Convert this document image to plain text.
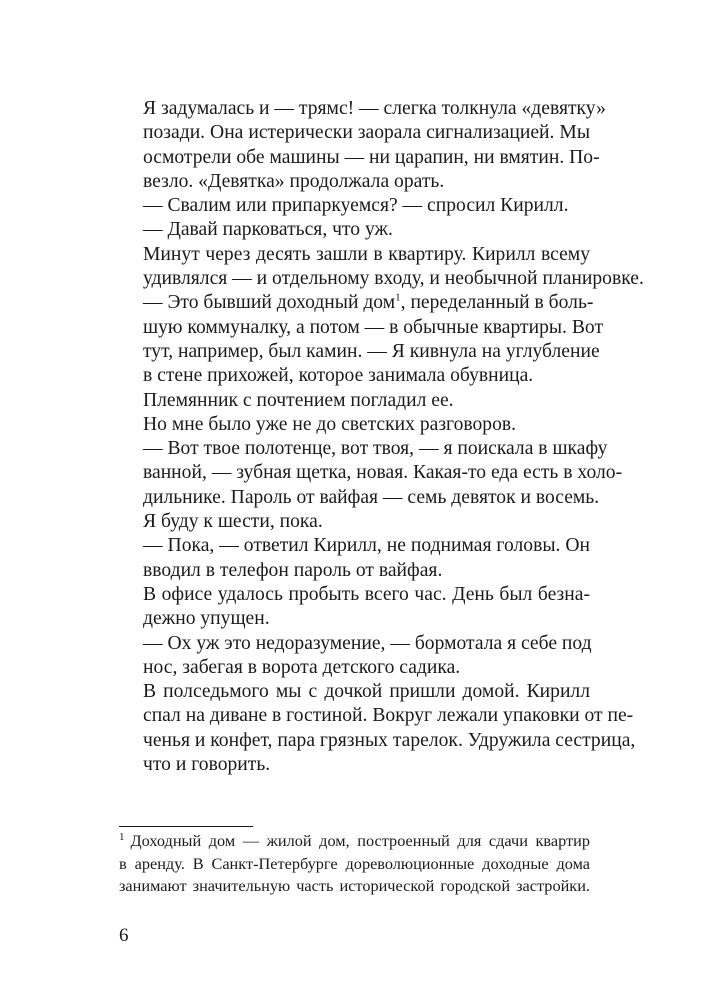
Я задумалась и — трямс! — слегка толкнула «девятку»
позади. Она истерически заорала сигнализацией. Мы
осмотрели обе машины — ни царапин, ни вмятин. По-
везло. «Девятка» продолжала орать.

— Свалим или припаркуемся? — спросил Кирилл.

— Давай парковаться, что уж.

Минут через десять зашли в квартиру. Кирилл всему
удивлялся — и отдельному входу, и необычной планировке.

— Это бывший доходный дом$^1$, переделанный в боль-
шую коммуналку, а потом — в обычные квартиры. Вот
тут, например, был камин. — Я кивнула на углубление
в стене прихожей, которое занимала обувница.

Племянник с почтением погладил ее.

Но мне было уже не до светских разговоров.

— Вот твое полотенце, вот твоя, — я поискала в шкафу
ванной, — зубная щетка, новая. Какая-то еда есть в холо-
дильнике. Пароль от вайфая — семь девяток и восемь.
Я буду к шести, пока.

— Пока, — ответил Кирилл, не поднимая головы. Он
вводил в телефон пароль от вайфая.

В офисе удалось пробыть всего час. День был безна-
дежно упущен.

— Ох уж это недоразумение, — бормотала я себе под
нос, забегая в ворота детского садика.

В полседьмого мы с дочкой пришли домой. Кирилл
спал на диване в гостиной. Вокруг лежали упаковки от пе-
ченья и конфет, пара грязных тарелок. Удружила сестрица,
что и говорить.

$^1$ Доходный дом — жилой дом, построенный для сдачи квартир
в аренду. В Санкт-Петербурге дореволюционные доходные дома
занимают значительную часть исторической городской застройки.
6
